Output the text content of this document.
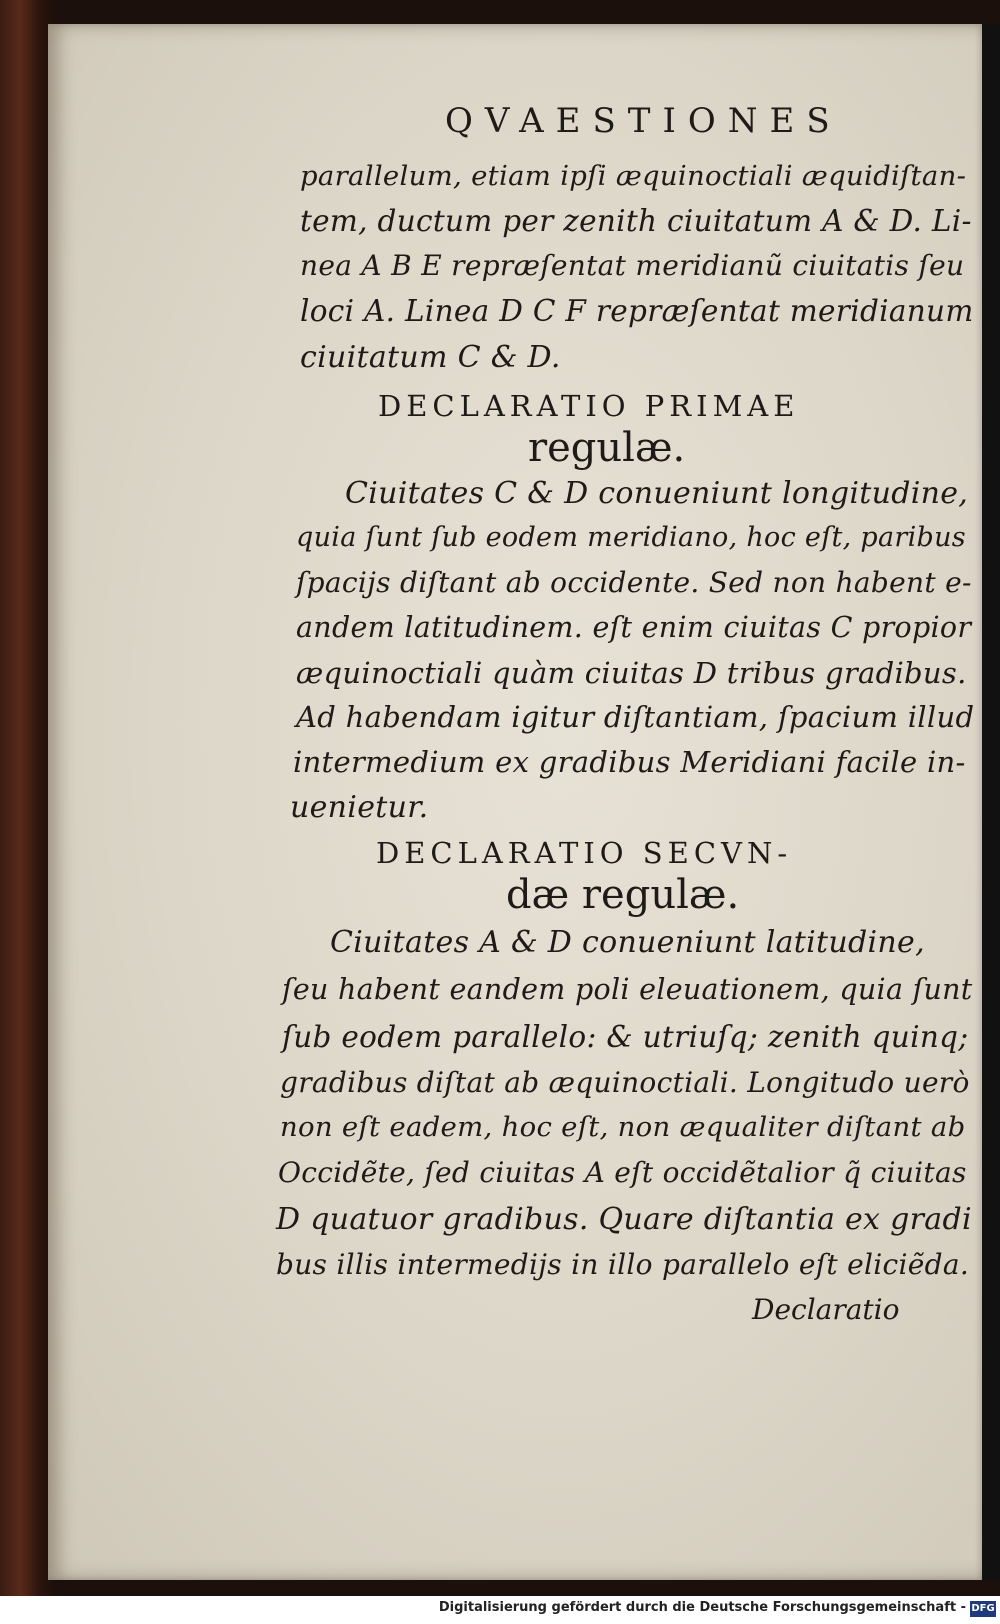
QVAESTIONES
parallelum, etiam ipſi æquinoctiali æquidiſtan-
tem, ductum per zenith ciuitatum A & D. Li-
nea A B E repræſentat meridianũ ciuitatis ſeu
loci A. Linea D C F repræſentat meridianum
ciuitatum C & D.
DECLARATIO PRIMAE
regulæ.
Ciuitates C & D conueniunt longitudine,
quia ſunt ſub eodem meridiano, hoc eſt, paribus
ſpacijs diſtant ab occidente. Sed non habent e-
andem latitudinem. eſt enim ciuitas C propior
æquinoctiali quàm ciuitas D tribus gradibus.
Ad habendam igitur diſtantiam, ſpacium illud
intermedium ex gradibus Meridiani facile in-
uenietur.
DECLARATIO SECVN-
dæ regulæ.
Ciuitates A & D conueniunt latitudine,
ſeu habent eandem poli eleuationem, quia ſunt
ſub eodem parallelo: & utriuſq; zenith quinq;
gradibus diſtat ab æquinoctiali. Longitudo uerò
non eſt eadem, hoc eſt, non æqualiter diſtant ab
Occidẽte, ſed ciuitas A eſt occidẽtalior q̃ ciuitas
D quatuor gradibus. Quare diſtantia ex gradi
bus illis intermedijs in illo parallelo eſt eliciẽda.
Declaratio
Digitalisierung gefördert durch die Deutsche Forschungsgemeinschaft - DFG
